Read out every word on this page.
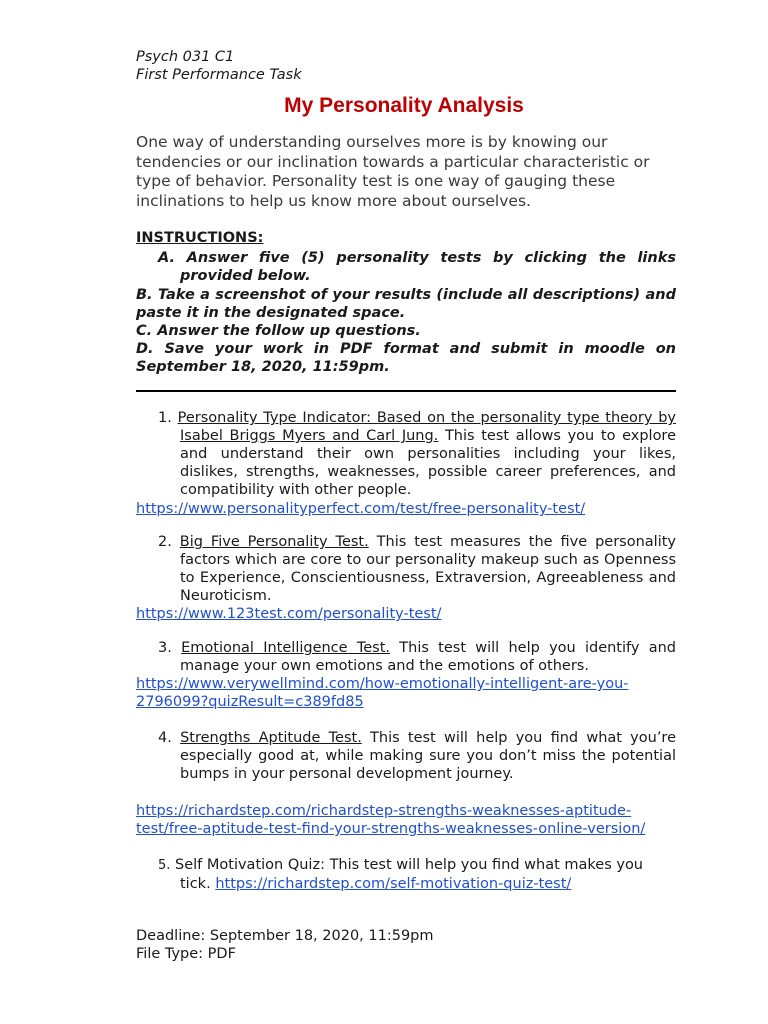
Psych 031 C1
First Performance Task
My Personality Analysis
One way of understanding ourselves more is by knowing our tendencies or our inclination towards a particular characteristic or type of behavior. Personality test is one way of gauging these inclinations to help us know more about ourselves.
INSTRUCTIONS:
A. Answer five (5) personality tests by clicking the links provided below.
B. Take a screenshot of your results (include all descriptions) and paste it in the designated space.
C. Answer the follow up questions.
D. Save your work in PDF format and submit in moodle on September 18, 2020, 11:59pm.
1. Personality Type Indicator: Based on the personality type theory by Isabel Briggs Myers and Carl Jung. This test allows you to explore and understand their own personalities including your likes, dislikes, strengths, weaknesses, possible career preferences, and compatibility with other people.
https://www.personalityperfect.com/test/free-personality-test/
2. Big Five Personality Test. This test measures the five personality factors which are core to our personality makeup such as Openness to Experience, Conscientiousness, Extraversion, Agreeableness and Neuroticism.
https://www.123test.com/personality-test/
3. Emotional Intelligence Test. This test will help you identify and manage your own emotions and the emotions of others.
https://www.verywellmind.com/how-emotionally-intelligent-are-you-
2796099?quizResult=c389fd85
4. Strengths Aptitude Test. This test will help you find what you’re especially good at, while making sure you don’t miss the potential bumps in your personal development journey.
https://richardstep.com/richardstep-strengths-weaknesses-aptitude-
test/free-aptitude-test-find-your-strengths-weaknesses-online-version/
5. Self Motivation Quiz: This test will help you find what makes you tick. https://richardstep.com/self-motivation-quiz-test/
Deadline: September 18, 2020, 11:59pm
File Type: PDF
